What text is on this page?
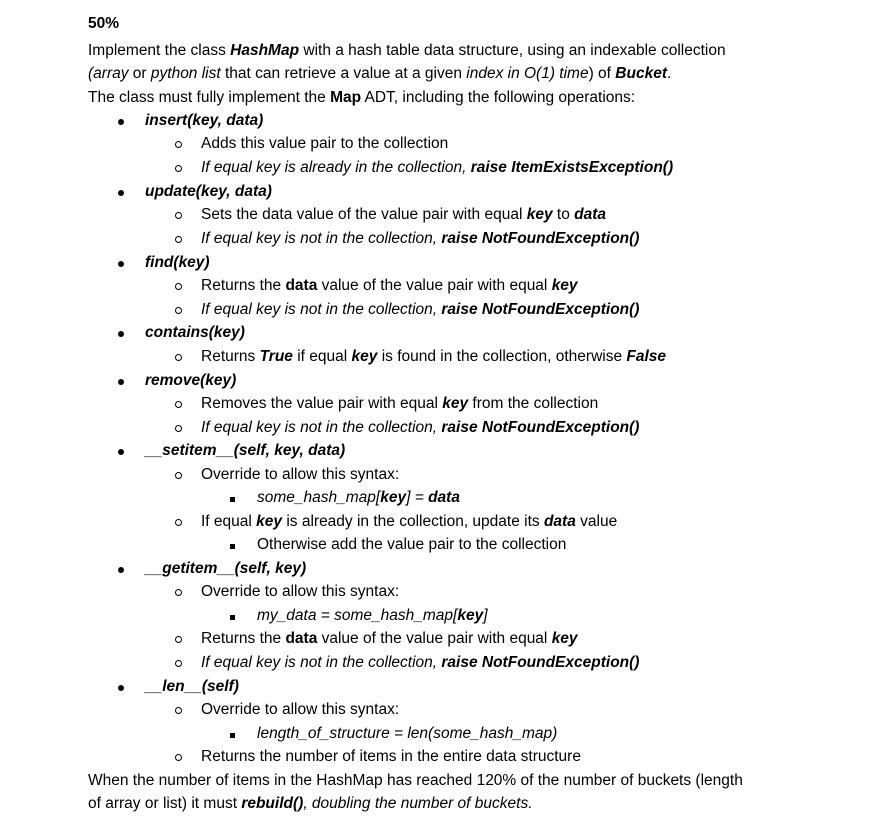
50%
Implement the class HashMap with a hash table data structure, using an indexable collection
(array or python list that can retrieve a value at a given index in O(1) time) of Bucket.
The class must fully implement the Map ADT, including the following operations:
insert(key, data)
Adds this value pair to the collection
If equal key is already in the collection, raise ItemExistsException()
update(key, data)
Sets the data value of the value pair with equal key to data
If equal key is not in the collection, raise NotFoundException()
find(key)
Returns the data value of the value pair with equal key
If equal key is not in the collection, raise NotFoundException()
contains(key)
Returns True if equal key is found in the collection, otherwise False
remove(key)
Removes the value pair with equal key from the collection
If equal key is not in the collection, raise NotFoundException()
__setitem__(self, key, data)
Override to allow this syntax:
some_hash_map[key] = data
If equal key is already in the collection, update its data value
Otherwise add the value pair to the collection
__getitem__(self, key)
Override to allow this syntax:
my_data = some_hash_map[key]
Returns the data value of the value pair with equal key
If equal key is not in the collection, raise NotFoundException()
__len__(self)
Override to allow this syntax:
length_of_structure = len(some_hash_map)
Returns the number of items in the entire data structure
When the number of items in the HashMap has reached 120% of the number of buckets (length
of array or list) it must rebuild(), doubling the number of buckets.
